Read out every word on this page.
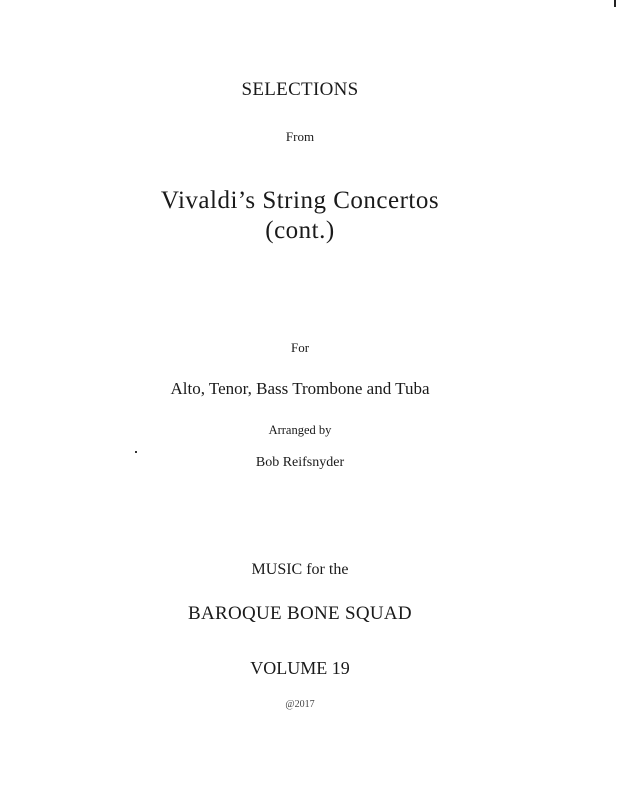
SELECTIONS
From
Vivaldi’s String Concertos
(cont.)
For
Alto, Tenor, Bass Trombone and Tuba
Arranged by
Bob Reifsnyder
MUSIC for the
BAROQUE BONE SQUAD
VOLUME 19
@2017
